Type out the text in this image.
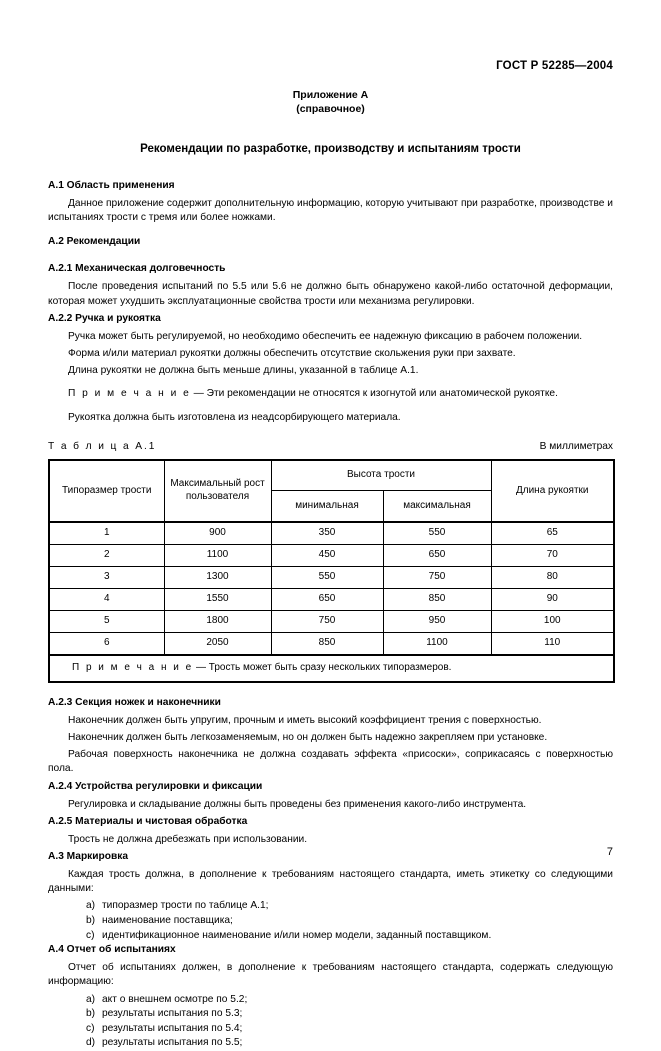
ГОСТ Р 52285—2004
Приложение А
(справочное)
Рекомендации по разработке, производству и испытаниям трости
A.1 Область применения

Данное приложение содержит дополнительную информацию, которую учитывают при разработке, производстве и испытаниях трости с тремя или более ножками.

A.2 Рекомендации
A.2.1 Механическая долговечность

После проведения испытаний по 5.5 или 5.6 не должно быть обнаружено какой-либо остаточной деформации, которая может ухудшить эксплуатационные свойства трости или механизма регулировки.

A.2.2 Ручка и рукоятка

Ручка может быть регулируемой, но необходимо обеспечить ее надежную фиксацию в рабочем положении.

Форма и/или материал рукоятки должны обеспечить отсутствие скольжения руки при захвате.

Длина рукоятки не должна быть меньше длины, указанной в таблице А.1.

П р и м е ч а н и е — Эти рекомендации не относятся к изогнутой или анатомической рукоятке.

Рукоятка должна быть изготовлена из неадсорбирующего материала.

Т а б л и ц а А.1	В миллиметрах
Типоразмер трости	Максимальный рост пользователя	Высота трости		Длина рукоятки
		минимальная	максимальная	
1	900	350	550	65
2	1100	450	650	70
3	1300	550	750	80
4	1550	650	850	90
5	1800	750	950	100
6	2050	850	1100	110
П р и м е ч а н и е — Трость может быть сразу нескольких типоразмеров.				
A.2.3 Секция ножек и наконечники

Наконечник должен быть упругим, прочным и иметь высокий коэффициент трения с поверхностью.

Наконечник должен быть легкозаменяемым, но он должен быть надежно закрепляем при установке.

Рабочая поверхность наконечника не должна создавать эффекта «присоски», соприкасаясь с поверхностью пола.

A.2.4 Устройства регулировки и фиксации

Регулировка и складывание должны быть проведены без применения какого-либо инструмента.

A.2.5 Материалы и чистовая обработка

Трость не должна дребезжать при использовании.

A.3 Маркировка

Каждая трость должна, в дополнение к требованиям настоящего стандарта, иметь этикетку со следующими данными:

a) типоразмер трости по таблице А.1;
b) наименование поставщика;
c) идентификационное наименование и/или номер модели, заданный поставщиком.
A.4 Отчет об испытаниях

Отчет об испытаниях должен, в дополнение к требованиям настоящего стандарта, содержать следующую информацию:

a) акт о внешнем осмотре по 5.2;
b) результаты испытания по 5.3;
c) результаты испытания по 5.4;
d) результаты испытания по 5.5;
7
